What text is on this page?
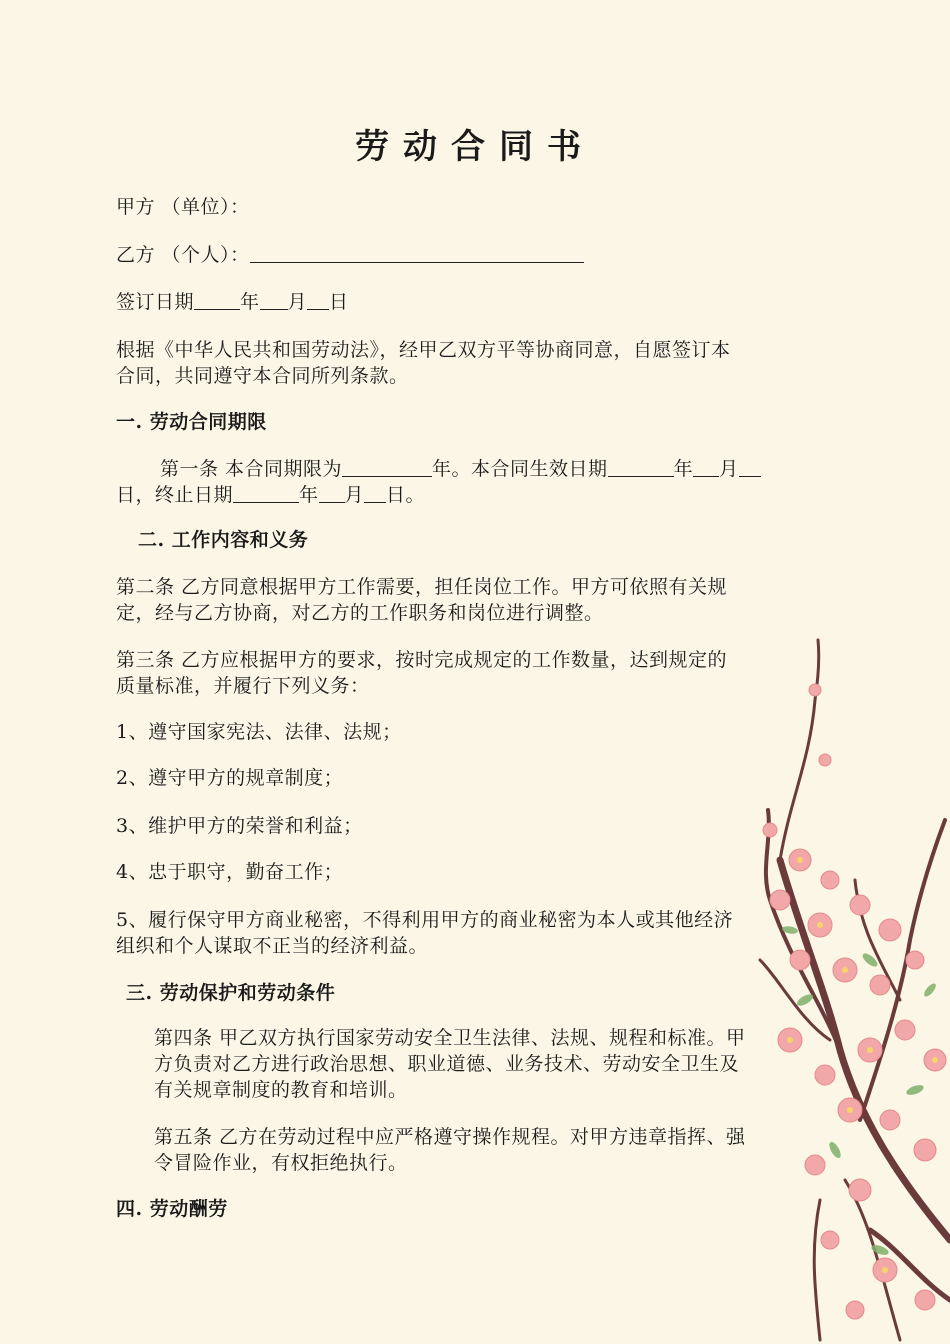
劳动合同书
甲方 （单位）：
乙方 （个人）：
签订日期 年 月 日
根据《中华人民共和国劳动法》，经甲乙双方平等协商同意，自愿签订本
合同，共同遵守本合同所列条款。
一. 劳动合同期限
第一条 本合同期限为	年。本合同生效日期	年 月
日，终止日期	年 月 日。
二. 工作内容和义务
第二条 乙方同意根据甲方工作需要，担任岗位工作。甲方可依照有关规
定，经与乙方协商，对乙方的工作职务和岗位进行调整。
第三条 乙方应根据甲方的要求，按时完成规定的工作数量，达到规定的
质量标准，并履行下列义务：
1、遵守国家宪法、法律、法规；
2、遵守甲方的规章制度；
3、维护甲方的荣誉和利益；
4、忠于职守，勤奋工作；
5、履行保守甲方商业秘密，不得利用甲方的商业秘密为本人或其他经济
组织和个人谋取不正当的经济利益。
三. 劳动保护和劳动条件
第四条 甲乙双方执行国家劳动安全卫生法律、法规、规程和标准。甲
方负责对乙方进行政治思想、职业道德、业务技术、劳动安全卫生及
有关规章制度的教育和培训。
第五条 乙方在劳动过程中应严格遵守操作规程。对甲方违章指挥、强
令冒险作业，有权拒绝执行。
四. 劳动酬劳
